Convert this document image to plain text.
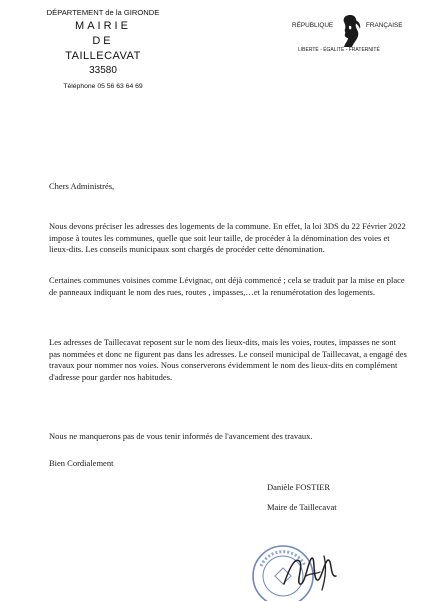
DÉPARTEMENT de la GIRONDE
MAIRIE
DE
TAILLECAVAT
33580
Téléphone 05 56 63 64 69
RÉPUBLIQUE	FRANÇAISE
LIBERTÉ - ÉGALITÉ - FRATERNITÉ
Chers Administrés,
Nous devons préciser les adresses des logements de la commune. En effet, la loi 3DS du 22 Février 2022 impose à toutes les communes, quelle que soit leur taille, de procéder à la dénomination des voies et lieux-dits. Les conseils municipaux sont chargés de procéder cette dénomination.
Certaines communes voisines comme Lévignac, ont déjà commencé ; cela se traduit par la mise en place de panneaux indiquant le nom des rues, routes , impasses,…et la renumérotation des logements.
Les adresses de Taillecavat reposent sur le nom des lieux-dits, mais les voies, routes, impasses ne sont pas nommées et donc ne figurent pas dans les adresses. Le conseil municipal de Taillecavat, a engagé des travaux pour nommer nos voies. Nous conserverons évidemment le nom des lieux-dits en complément d'adresse pour garder nos habitudes.
Nous ne manquerons pas de vous tenir informés de l'avancement des travaux.
Bien Cordialement
Danièle FOSTIER
Maire de Taillecavat
